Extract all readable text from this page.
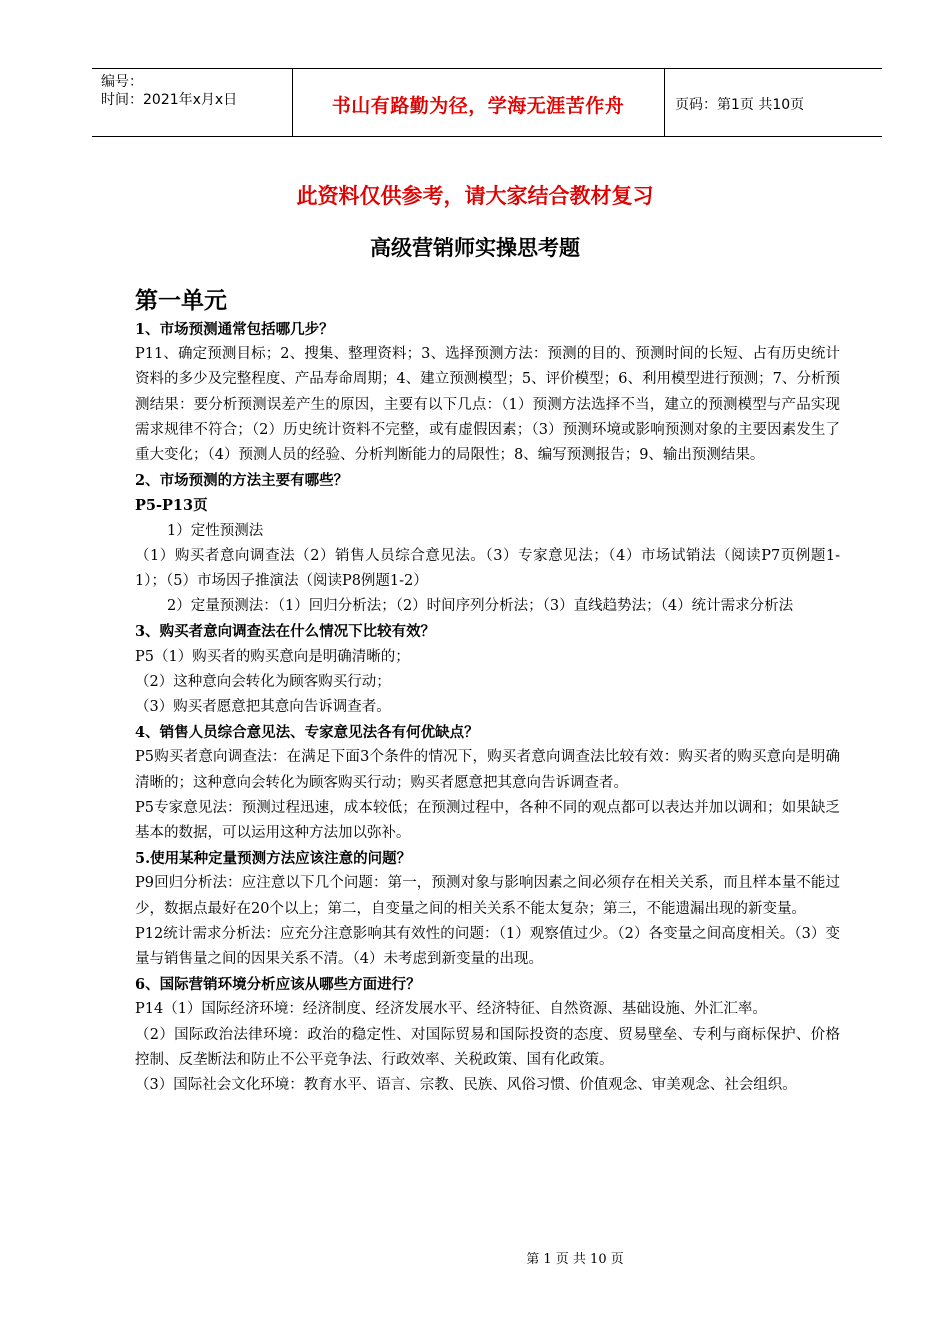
编号：
时间：2021年x月x日	书山有路勤为径，学海无涯苦作舟	页码：第1页 共10页
此资料仅供参考，请大家结合教材复习
高级营销师实操思考题
第一单元

1、市场预测通常包括哪几步？

P11、确定预测目标；2、搜集、整理资料；3、选择预测方法：预测的目的、预测时间的长短、占有历史统计资料的多少及完整程度、产品寿命周期；4、建立预测模型；5、评价模型；6、利用模型进行预测；7、分析预测结果：要分析预测误差产生的原因，主要有以下几点：（1）预测方法选择不当，建立的预测模型与产品实现需求规律不符合；（2）历史统计资料不完整，或有虚假因素；（3）预测环境或影响预测对象的主要因素发生了重大变化；（4）预测人员的经验、分析判断能力的局限性；8、编写预测报告；9、输出预测结果。

2、市场预测的方法主要有哪些？

P5-P13页

1）定性预测法

（1）购买者意向调查法（2）销售人员综合意见法。（3）专家意见法；（4）市场试销法（阅读P7页例题1-1）；（5）市场因子推演法（阅读P8例题1-2）

2）定量预测法：（1）回归分析法；（2）时间序列分析法；（3）直线趋势法；（4）统计需求分析法

3、购买者意向调查法在什么情况下比较有效？

P5（1）购买者的购买意向是明确清晰的；

（2）这种意向会转化为顾客购买行动；

（3）购买者愿意把其意向告诉调查者。

4、销售人员综合意见法、专家意见法各有何优缺点？

P5购买者意向调查法：在满足下面3个条件的情况下，购买者意向调查法比较有效：购买者的购买意向是明确清晰的；这种意向会转化为顾客购买行动；购买者愿意把其意向告诉调查者。

P5专家意见法：预测过程迅速，成本较低；在预测过程中，各种不同的观点都可以表达并加以调和；如果缺乏基本的数据，可以运用这种方法加以弥补。

5.使用某种定量预测方法应该注意的问题？

P9回归分析法：应注意以下几个问题：第一，预测对象与影响因素之间必须存在相关关系，而且样本量不能过少，数据点最好在20个以上；第二，自变量之间的相关关系不能太复杂；第三，不能遗漏出现的新变量。

P12统计需求分析法：应充分注意影响其有效性的问题：（1）观察值过少。（2）各变量之间高度相关。（3）变量与销售量之间的因果关系不清。（4）未考虑到新变量的出现。

6、国际营销环境分析应该从哪些方面进行？

P14（1）国际经济环境：经济制度、经济发展水平、经济特征、自然资源、基础设施、外汇汇率。

（2）国际政治法律环境：政治的稳定性、对国际贸易和国际投资的态度、贸易壁垒、专利与商标保护、价格控制、反垄断法和防止不公平竞争法、行政效率、关税政策、国有化政策。

（3）国际社会文化环境：教育水平、语言、宗教、民族、风俗习惯、价值观念、审美观念、社会组织。

第 1 页 共 10 页
